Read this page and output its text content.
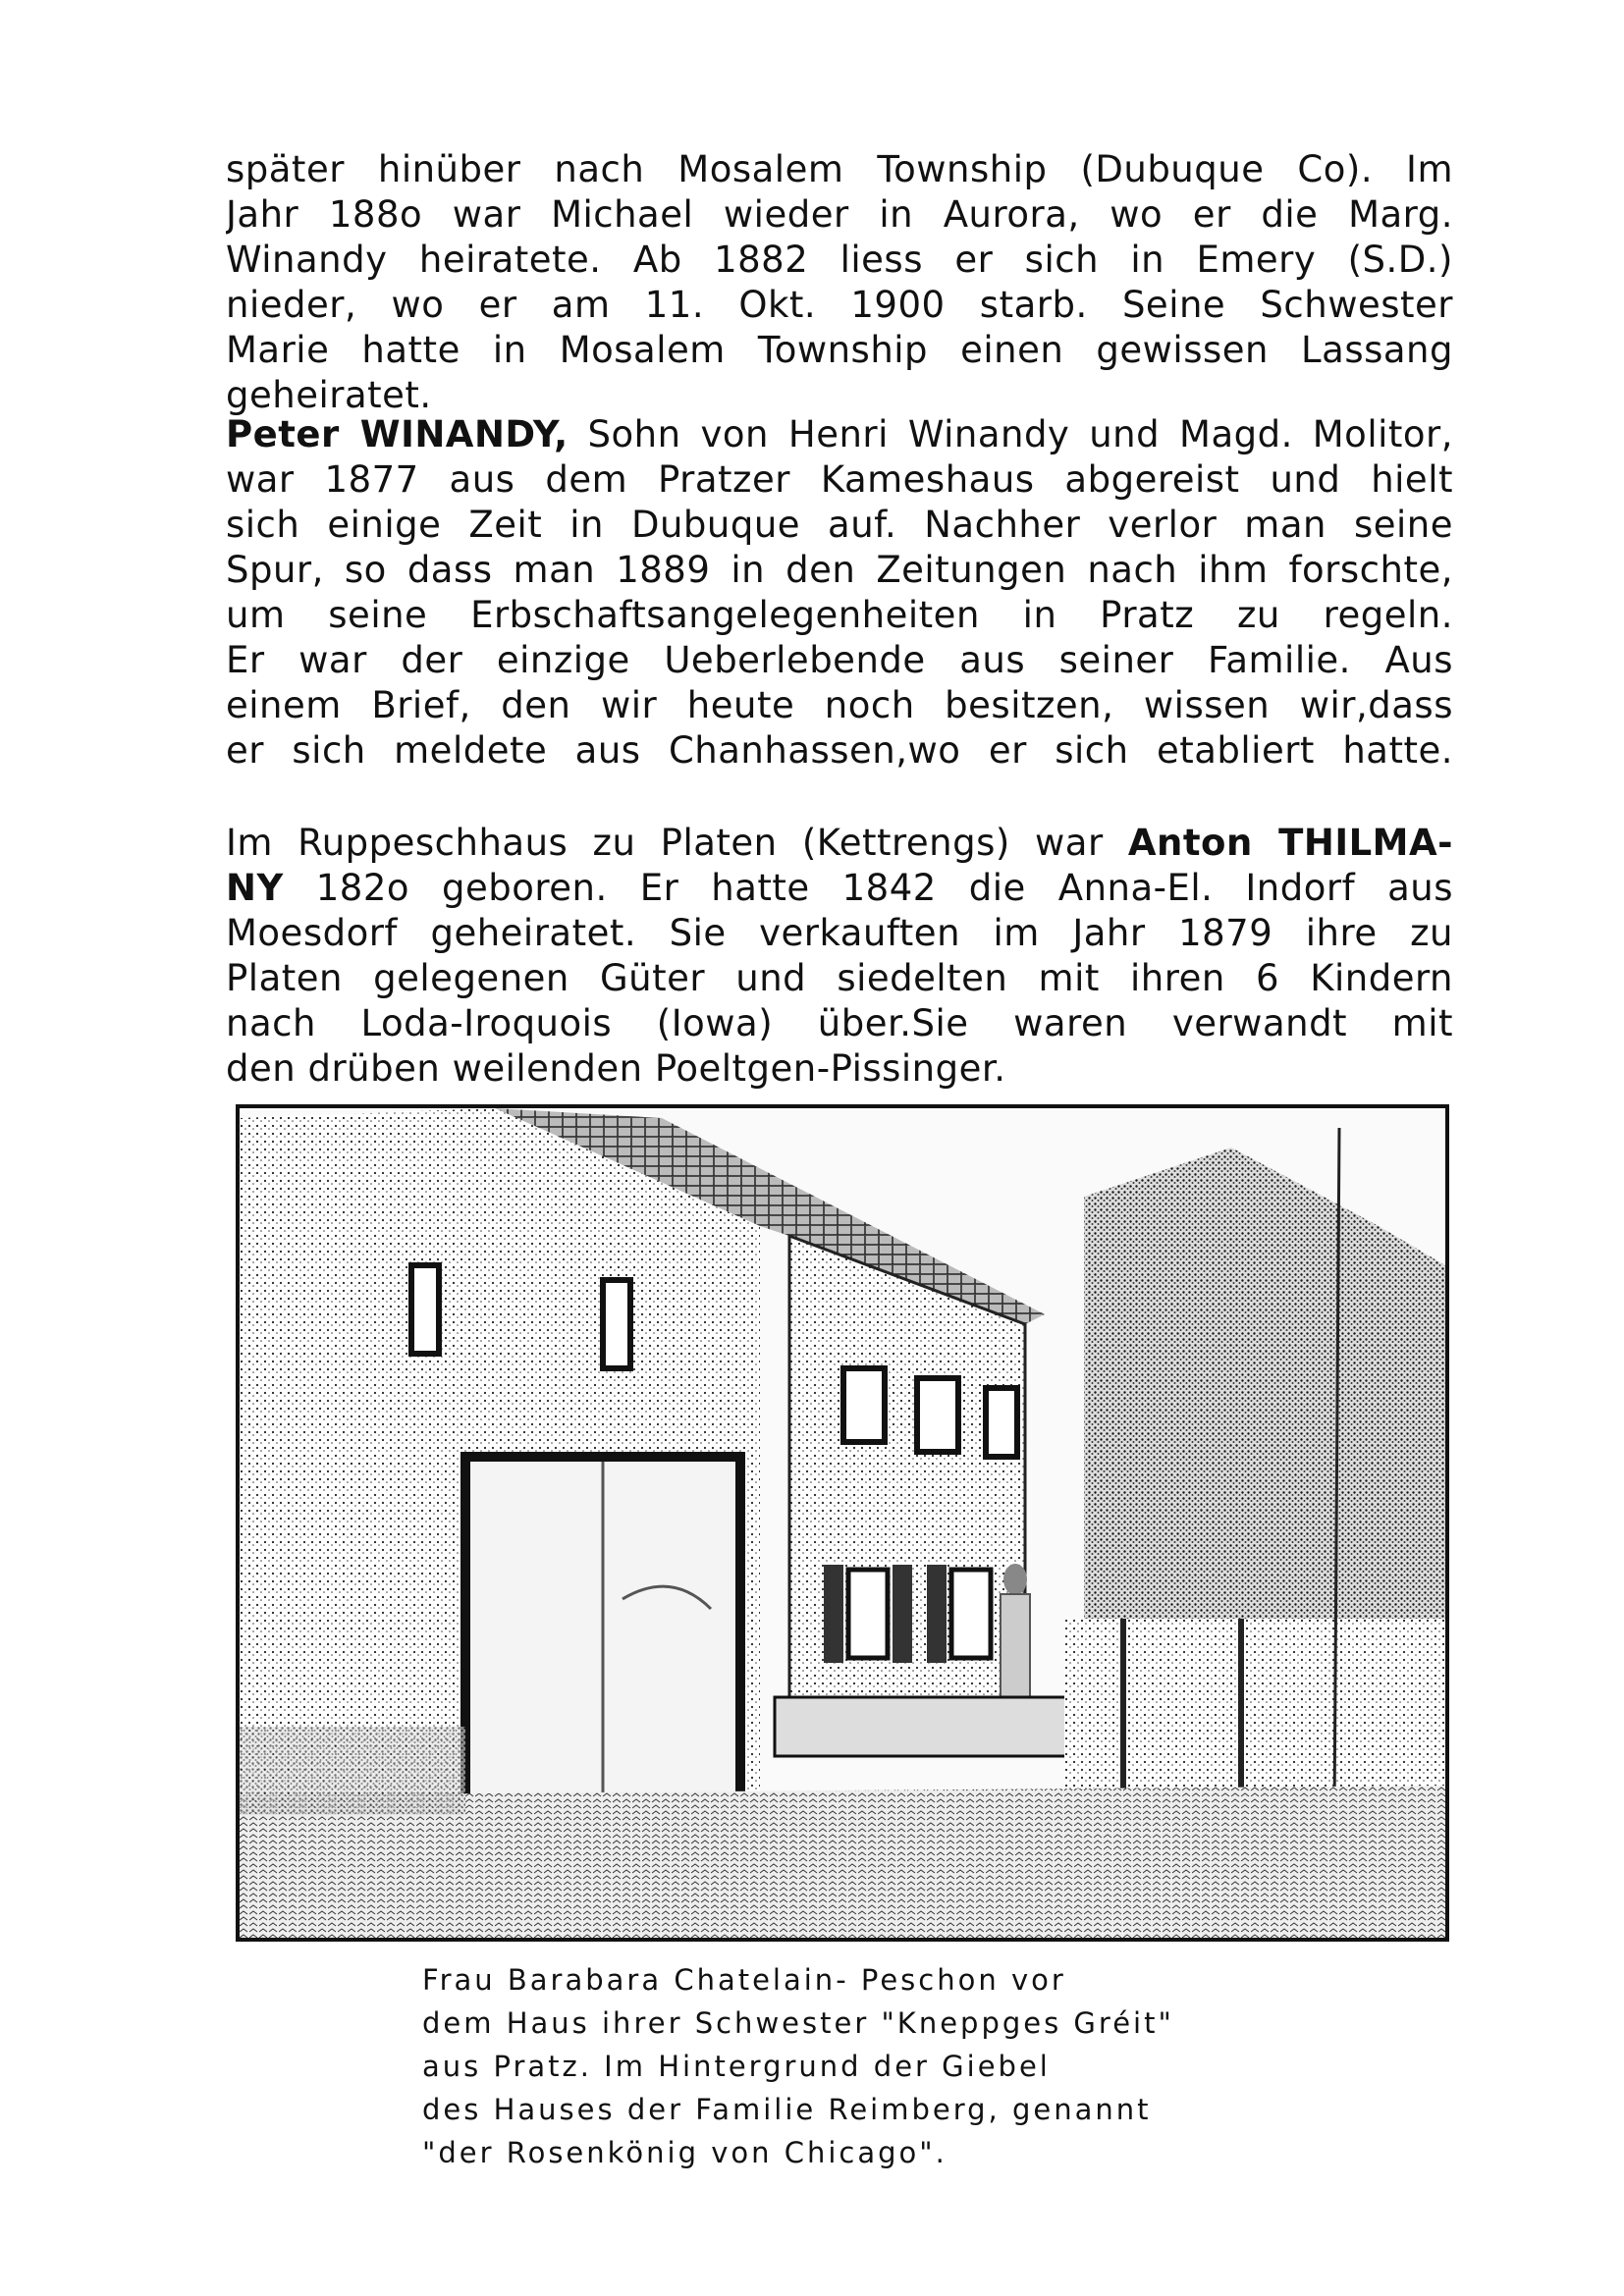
später hinüber nach Mosalem Township (Dubuque Co). Im
Jahr 188o war Michael wieder in Aurora, wo er die Marg.
Winandy heiratete. Ab 1882 liess er sich in Emery (S.D.)
nieder, wo er am 11. Okt. 1900 starb. Seine Schwester
Marie hatte in Mosalem Township einen gewissen Lassang
geheiratet.
Peter WINANDY, Sohn von Henri Winandy und Magd. Molitor,
war 1877 aus dem Pratzer Kameshaus abgereist und hielt
sich einige Zeit in Dubuque auf. Nachher verlor man seine
Spur, so dass man 1889 in den Zeitungen nach ihm forschte,
um seine Erbschaftsangelegenheiten in Pratz zu regeln.
Er war der einzige Ueberlebende aus seiner Familie. Aus
einem Brief, den wir heute noch besitzen, wissen wir,dass
er sich meldete aus Chanhassen,wo er sich etabliert hatte.
Im Ruppeschhaus zu Platen (Kettrengs) war Anton THILMA-
NY 182o geboren. Er hatte 1842 die Anna-El. Indorf aus
Moesdorf geheiratet. Sie verkauften im Jahr 1879 ihre zu
Platen gelegenen Güter und siedelten mit ihren 6 Kindern
nach Loda-Iroquois (Iowa) über.Sie waren verwandt mit
den drüben weilenden Poeltgen-Pissinger.
Frau Barabara Chatelain- Peschon vor
dem Haus ihrer Schwester "Kneppges Gréit"
aus Pratz. Im Hintergrund der Giebel
des Hauses der Familie Reimberg, genannt
"der Rosenkönig von Chicago".
